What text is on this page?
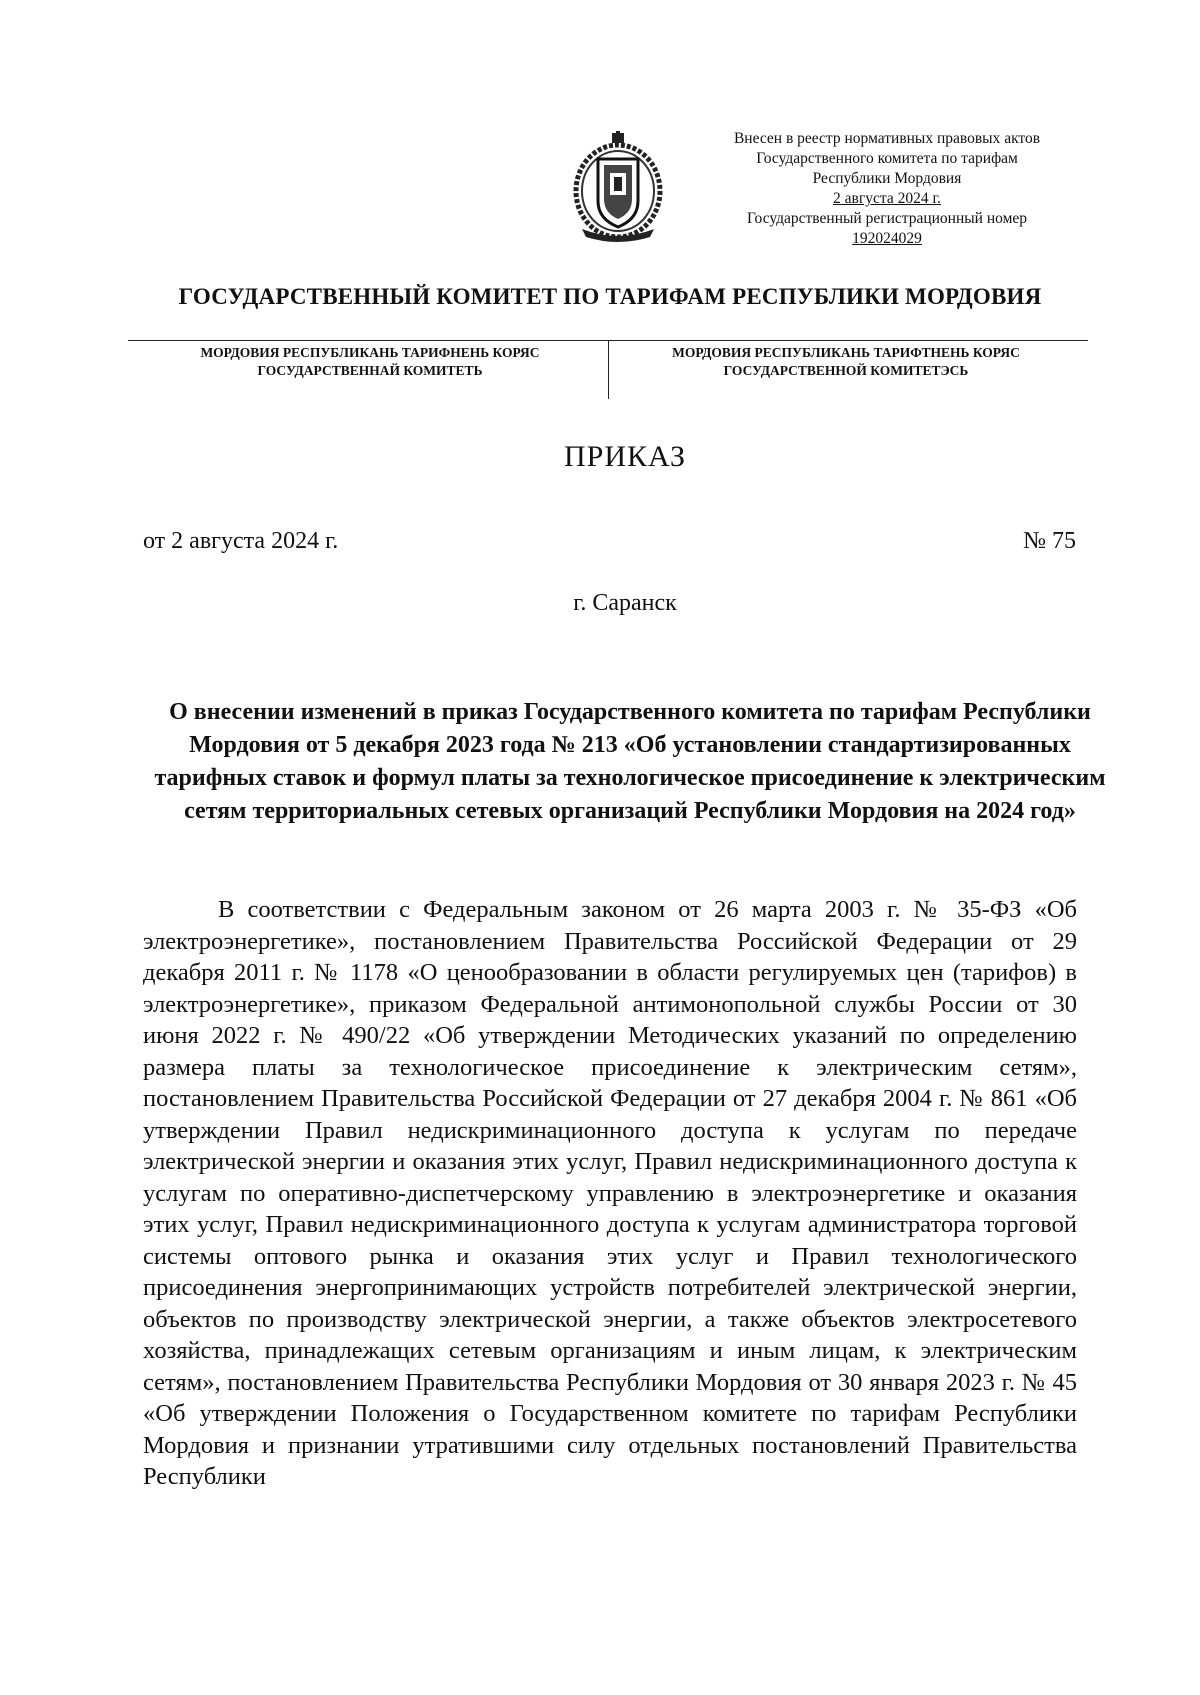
Внесен в реестр нормативных правовых актов
Государственного комитета по тарифам
Республики Мордовия
2 августа 2024 г.
Государственный регистрационный номер
192024029
ГОСУДАРСТВЕННЫЙ КОМИТЕТ ПО ТАРИФАМ РЕСПУБЛИКИ МОРДОВИЯ
МОРДОВИЯ РЕСПУБЛИКАНЬ ТАРИФНЕНЬ КОРЯС
ГОСУДАРСТВЕННАЙ КОМИТЕТЬ
МОРДОВИЯ РЕСПУБЛИКАНЬ ТАРИФТНЕНЬ КОРЯС
ГОСУДАРСТВЕННОЙ КОМИТЕТЭСЬ
ПРИКАЗ
от 2 августа 2024 г.	№ 75
г. Саранск
О внесении изменений в приказ Государственного комитета по тарифам Республики Мордовия от 5 декабря 2023 года № 213 «Об установлении стандартизированных тарифных ставок и формул платы за технологическое присоединение к электрическим сетям территориальных сетевых организаций Республики Мордовия на 2024 год»

В соответствии с Федеральным законом от 26 марта 2003 г. № 35-ФЗ «Об электроэнергетике», постановлением Правительства Российской Федерации от 29 декабря 2011 г. № 1178 «О ценообразовании в области регулируемых цен (тарифов) в электроэнергетике», приказом Федеральной антимонопольной службы России от 30 июня 2022 г. № 490/22 «Об утверждении Методических указаний по определению размера платы за технологическое присоединение к электрическим сетям», постановлением Правительства Российской Федерации от 27 декабря 2004 г. № 861 «Об утверждении Правил недискриминационного доступа к услугам по передаче электрической энергии и оказания этих услуг, Правил недискриминационного доступа к услугам по оперативно-диспетчерскому управлению в электроэнергетике и оказания этих услуг, Правил недискриминационного доступа к услугам администратора торговой системы оптового рынка и оказания этих услуг и Правил технологического присоединения энергопринимающих устройств потребителей электрической энергии, объектов по производству электрической энергии, а также объектов электросетевого хозяйства, принадлежащих сетевым организациям и иным лицам, к электрическим сетям», постановлением Правительства Республики Мордовия от 30 января 2023 г. № 45 «Об утверждении Положения о Государственном комитете по тарифам Республики Мордовия и признании утратившими силу отдельных постановлений Правительства Республики
